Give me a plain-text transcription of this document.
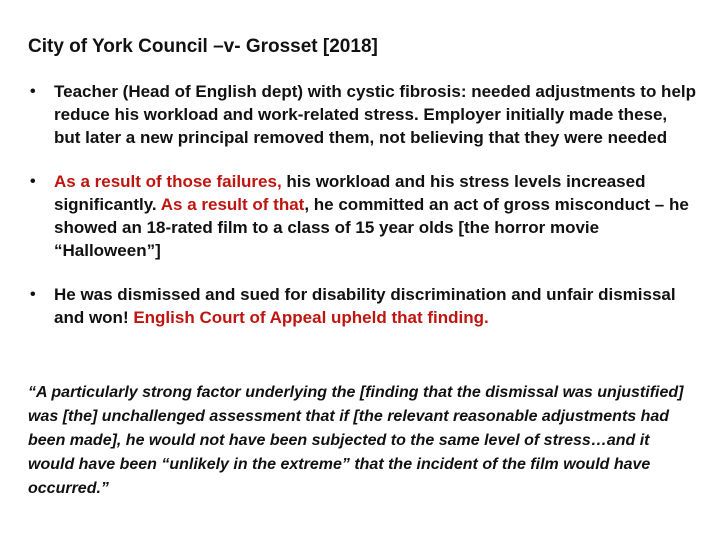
City of York Council –v- Grosset [2018]
• Teacher (Head of English dept) with cystic fibrosis: needed adjustments to help reduce his workload and work-related stress. Employer initially made these, but later a new principal removed them, not believing that they were needed
• As a result of those failures, his workload and his stress levels increased significantly. As a result of that, he committed an act of gross misconduct – he showed an 18-rated film to a class of 15 year olds [the horror movie “Halloween”]
• He was dismissed and sued for disability discrimination and unfair dismissal and won! English Court of Appeal upheld that finding.

“A particularly strong factor underlying the [finding that the dismissal was unjustified] was [the] unchallenged assessment that if [the relevant reasonable adjustments had been made], he would not have been subjected to the same level of stress…and it would have been “unlikely in the extreme” that the incident of the film would have occurred.”
